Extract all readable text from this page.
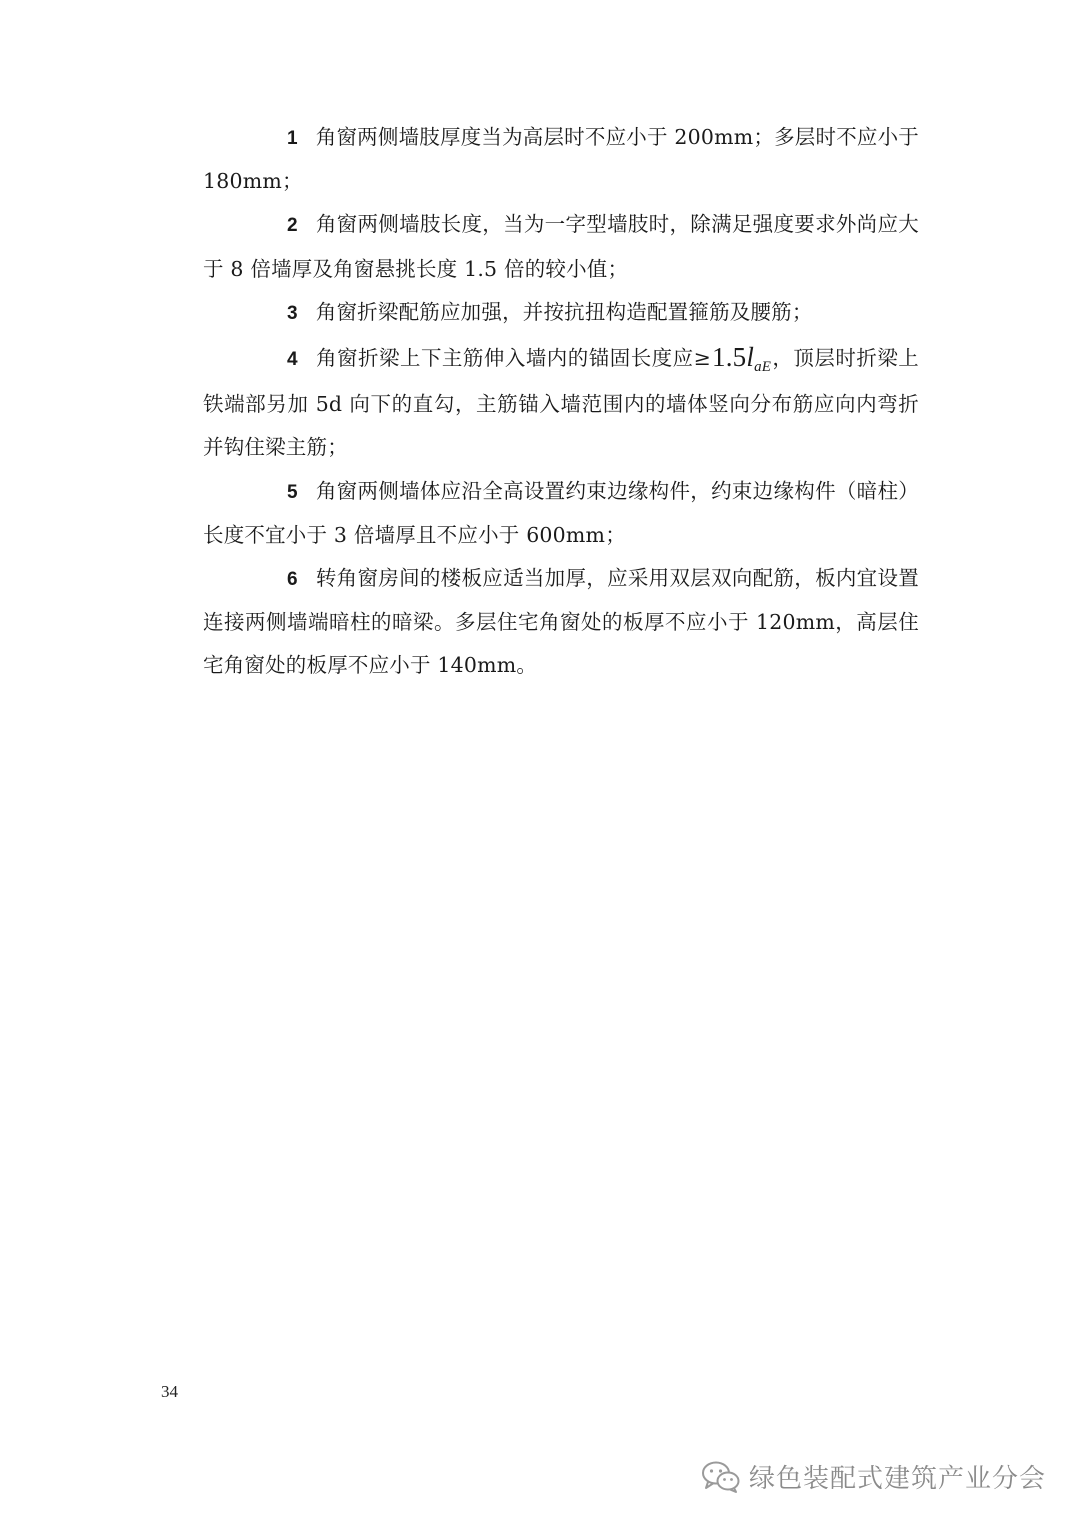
1 角窗两侧墙肢厚度当为高层时不应小于 200mm；多层时不应小于 180mm；

2 角窗两侧墙肢长度，当为一字型墙肢时，除满足强度要求外尚应大于 8 倍墙厚及角窗悬挑长度 1.5 倍的较小值；

3 角窗折梁配筋应加强，并按抗扭构造配置箍筋及腰筋；

4 角窗折梁上下主筋伸入墙内的锚固长度应≥1.5laE，顶层时折梁上铁端部另加 5d 向下的直勾，主筋锚入墙范围内的墙体竖向分布筋应向内弯折并钩住梁主筋；

5 角窗两侧墙体应沿全高设置约束边缘构件，约束边缘构件（暗柱）长度不宜小于 3 倍墙厚且不应小于 600mm；

6 转角窗房间的楼板应适当加厚，应采用双层双向配筋，板内宜设置连接两侧墙端暗柱的暗梁。多层住宅角窗处的板厚不应小于 120mm，高层住宅角窗处的板厚不应小于 140mm。

34
绿色装配式建筑产业分会
